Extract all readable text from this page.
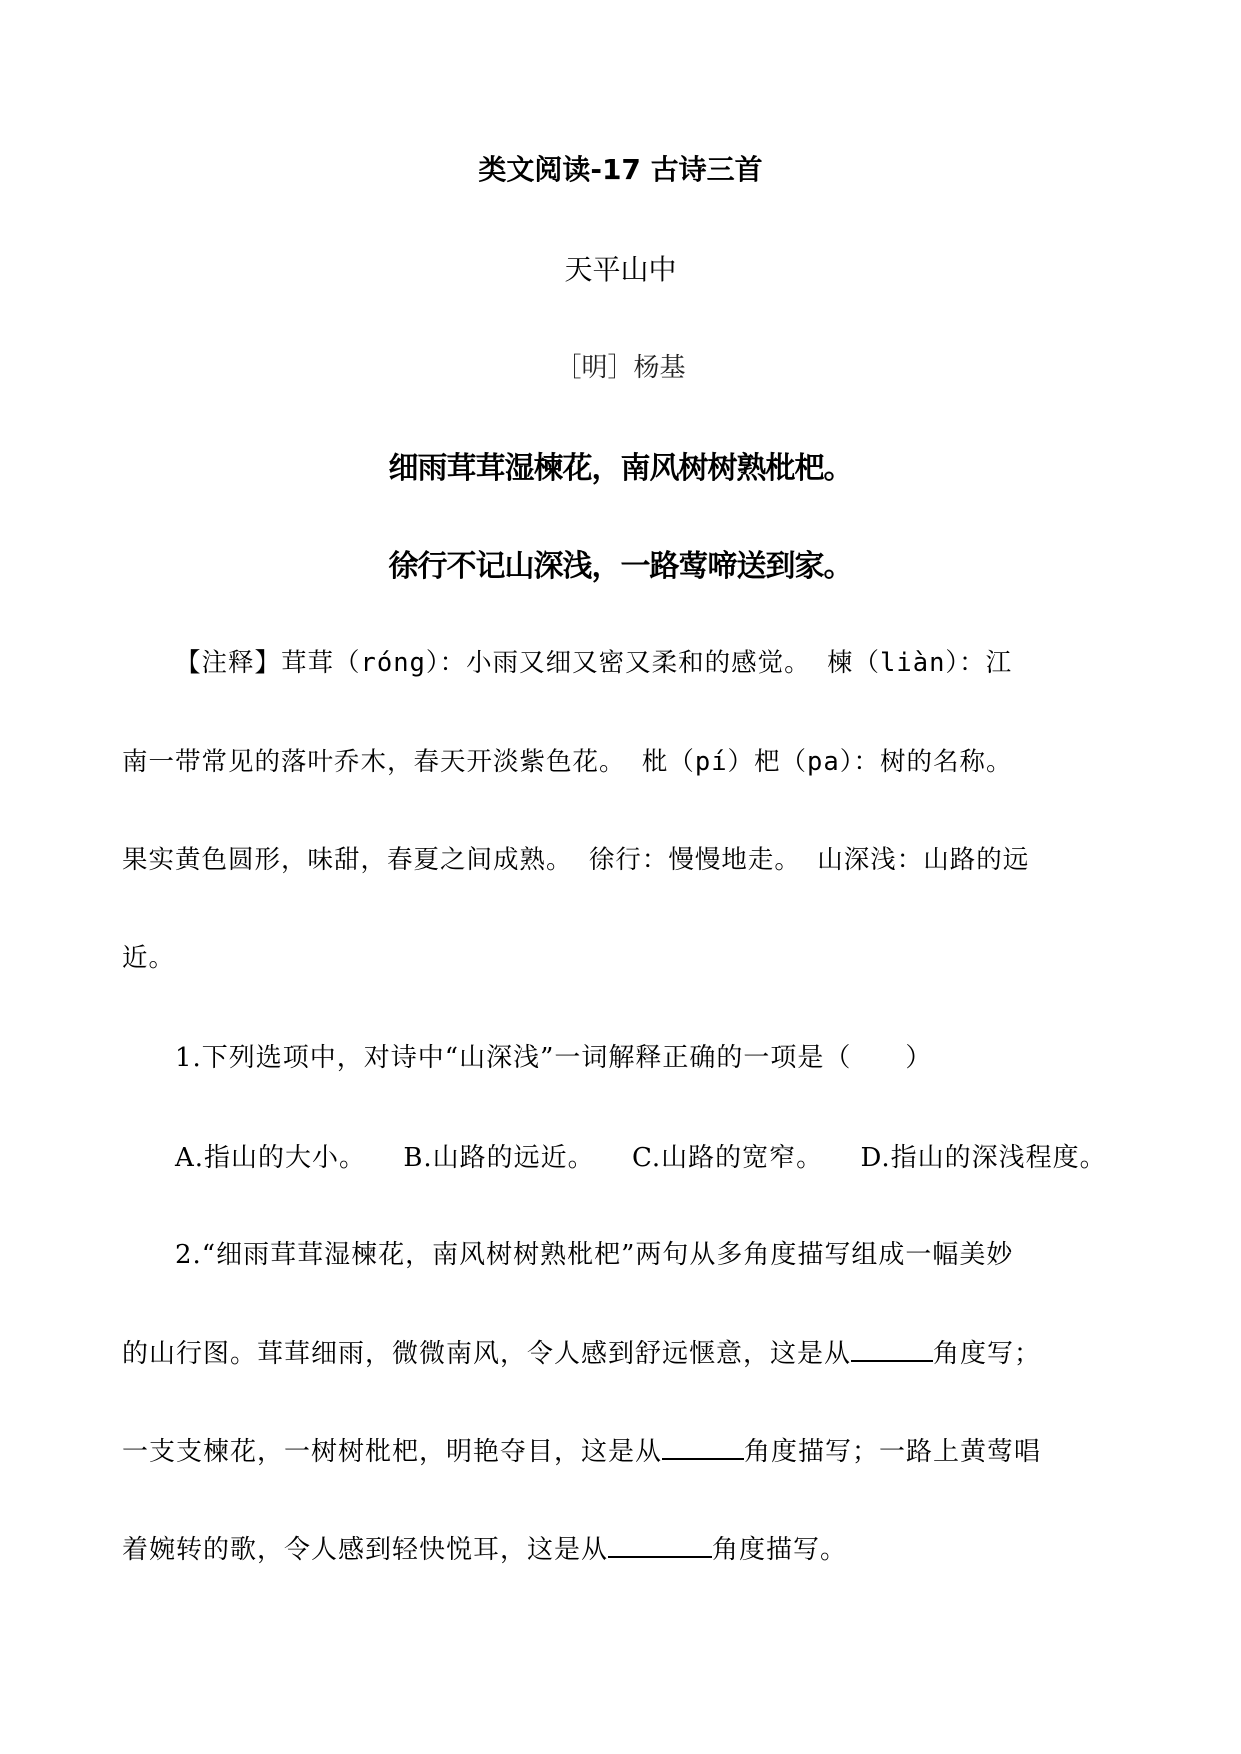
类文阅读-17 古诗三首
天平山中
［明］杨基
细雨茸茸湿楝花，南风树树熟枇杷。
徐行不记山深浅，一路莺啼送到家。
【注释】茸茸（róng）：小雨又细又密又柔和的感觉。 楝（liàn）：江
南一带常见的落叶乔木，春天开淡紫色花。 枇（pí）杷（pa）：树的名称。
果实黄色圆形，味甜，春夏之间成熟。 徐行：慢慢地走。 山深浅：山路的远
近。
1.下列选项中，对诗中“山深浅”一词解释正确的一项是（　　）
A.指山的大小。 B.山路的远近。 C.山路的宽窄。 D.指山的深浅程度。
2.“细雨茸茸湿楝花，南风树树熟枇杷”两句从多角度描写组成一幅美妙
的山行图。茸茸细雨，微微南风，令人感到舒远惬意，这是从	角度写；
一支支楝花，一树树枇杷，明艳夺目，这是从	角度描写；一路上黄莺唱
着婉转的歌，令人感到轻快悦耳，这是从	角度描写。
